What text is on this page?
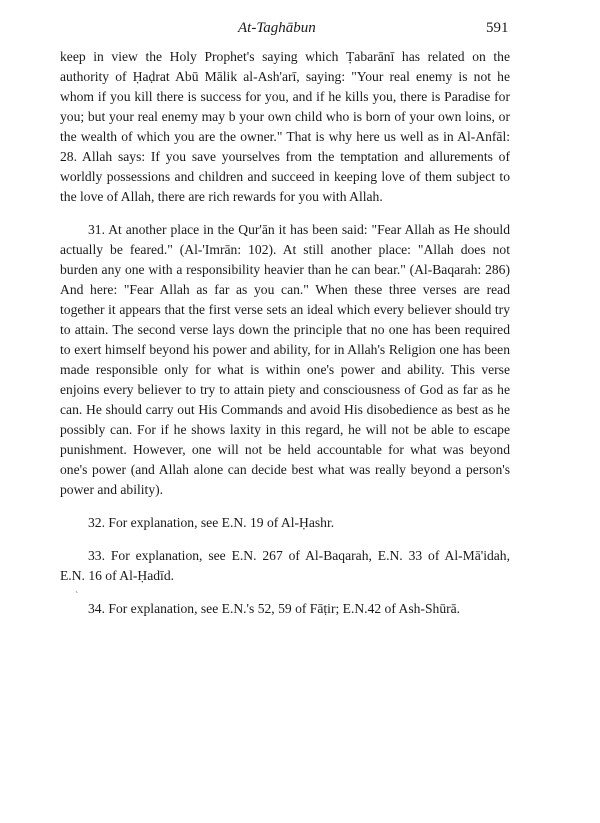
At-Taghābun	591

keep in view the Holy Prophet's saying which Ṭabarānī has related on the authority of Ḥaḍrat Abū Mālik al-Ash'arī, saying: "Your real enemy is not he whom if you kill there is success for you, and if he kills you, there is Paradise for you; but your real enemy may b your own child who is born of your own loins, or the wealth of which you are the owner." That is why here us well as in Al-Anfāl: 28. Allah says: If you save yourselves from the temptation and allurements of worldly possessions and children and succeed in keeping love of them subject to the love of Allah, there are rich rewards for you with Allah.

31. At another place in the Qur'ān it has been said: "Fear Allah as He should actually be feared." (Al-'Imrān: 102). At still another place: "Allah does not burden any one with a responsibility heavier than he can bear." (Al-Baqarah: 286) And here: "Fear Allah as far as you can." When these three verses are read together it appears that the first verse sets an ideal which every believer should try to attain. The second verse lays down the principle that no one has been required to exert himself beyond his power and ability, for in Allah's Religion one has been made responsible only for what is within one's power and ability. This verse enjoins every believer to try to attain piety and consciousness of God as far as he can. He should carry out His Commands and avoid His disobedience as best as he possibly can. For if he shows laxity in this regard, he will not be able to escape punishment. However, one will not be held accountable for what was beyond one's power (and Allah alone can decide best what was really beyond a person's power and ability).

32. For explanation, see E.N. 19 of Al-Ḥashr.

33. For explanation, see E.N. 267 of Al-Baqarah, E.N. 33 of Al-Mā'idah, E.N. 16 of Al-Ḥadīd.

34. For explanation, see E.N.'s 52, 59 of Fāṭir; E.N.42 of Ash-Shūrā.

ˋ
